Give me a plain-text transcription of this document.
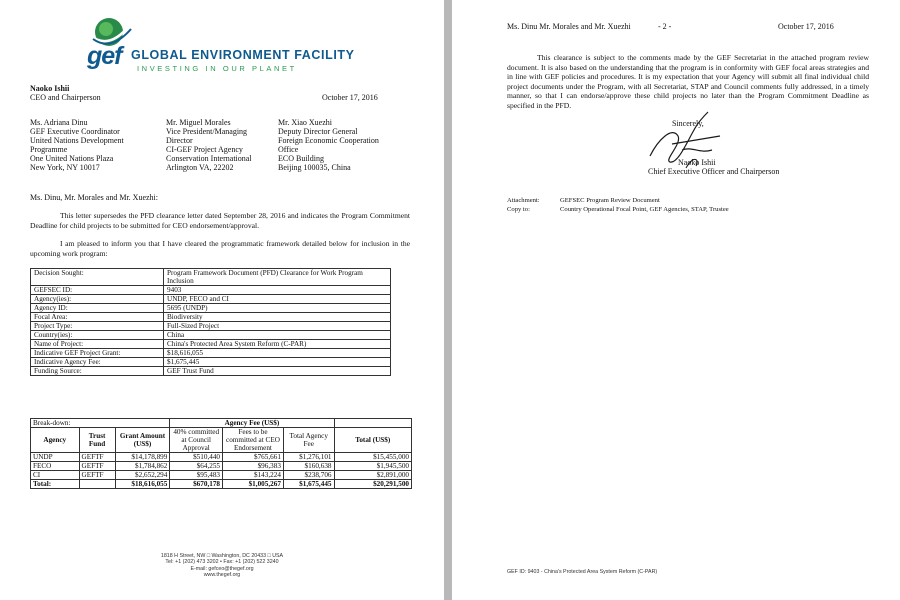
gef GLOBAL ENVIRONMENT FACILITY
INVESTING IN OUR PLANET
Naoko Ishii
CEO and Chairperson	October 17, 2016
Ms. Adriana Dinu
GEF Executive Coordinator
United Nations Development
Programme
One United Nations Plaza
New York, NY 10017
Mr. Miguel Morales
Vice President/Managing
Director
CI-GEF Project Agency
Conservation International
Arlington VA, 22202
Mr. Xiao Xuezhi
Deputy Director General
Foreign Economic Cooperation
Office
ECO Building
Beijing 100035, China
Ms. Dinu, Mr. Morales and Mr. Xuezhi:
This letter supersedes the PFD clearance letter dated September 28, 2016 and indicates the Program Commitment Deadline for child projects to be submitted for CEO endorsement/approval.
I am pleased to inform you that I have cleared the programmatic framework detailed below for inclusion in the upcoming work program:
Decision Sought:	Program Framework Document (PFD) Clearance for Work Program Inclusion
GEFSEC ID:	9403
Agency(ies):	UNDP, FECO and CI
Agency ID:	5695 (UNDP)
Focal Area:	Biodiversity
Project Type:	Full-Sized Project
Country(ies):	China
Name of Project:	China's Protected Area System Reform (C-PAR)
Indicative GEF Project Grant:	$18,616,055
Indicative Agency Fee:	$1,675,445
Funding Source:	GEF Trust Fund
Break-down:			Agency Fee (US$)			
Agency	Trust Fund	Grant Amount (US$)	40% committed at Council Approval	Fees to be committed at CEO Endorsement	Total Agency Fee	Total (US$)
UNDP	GEFTF	$14,178,899	$510,440	$765,661	$1,276,101	$15,455,000
FECO	GEFTF	$1,784,862	$64,255	$96,383	$160,638	$1,945,500
CI	GEFTF	$2,652,294	$95,483	$143,224	$238,706	$2,891,000
Total:		$18,616,055	$670,178	$1,005,267	$1,675,445	$20,291,500
1818 H Street, NW □ Washington, DC 20433 □ USA
Tel: +1 (202) 473 3202 • Fax: +1 (202) 522 3240
E-mail: gefceo@thegef.org
www.thegef.org
Ms. Dinu Mr. Morales and Mr. Xuezhi	- 2 -	October 17, 2016
This clearance is subject to the comments made by the GEF Secretariat in the attached program review document. It is also based on the understanding that the program is in conformity with GEF focal areas strategies and in line with GEF policies and procedures. It is my expectation that your Agency will submit all final individual child project documents under the Program, with all Secretariat, STAP and Council comments fully addressed, in a timely manner, so that I can endorse/approve these child projects no later than the Program Commitment Deadline as specified in the PFD.
Sincerely,
Naoko Ishii
Chief Executive Officer and Chairperson
Attachment:	GEFSEC Program Review Document
Copy to:	Country Operational Focal Point, GEF Agencies, STAP, Trustee
GEF ID: 9403 - China's Protected Area System Reform (C-PAR)
